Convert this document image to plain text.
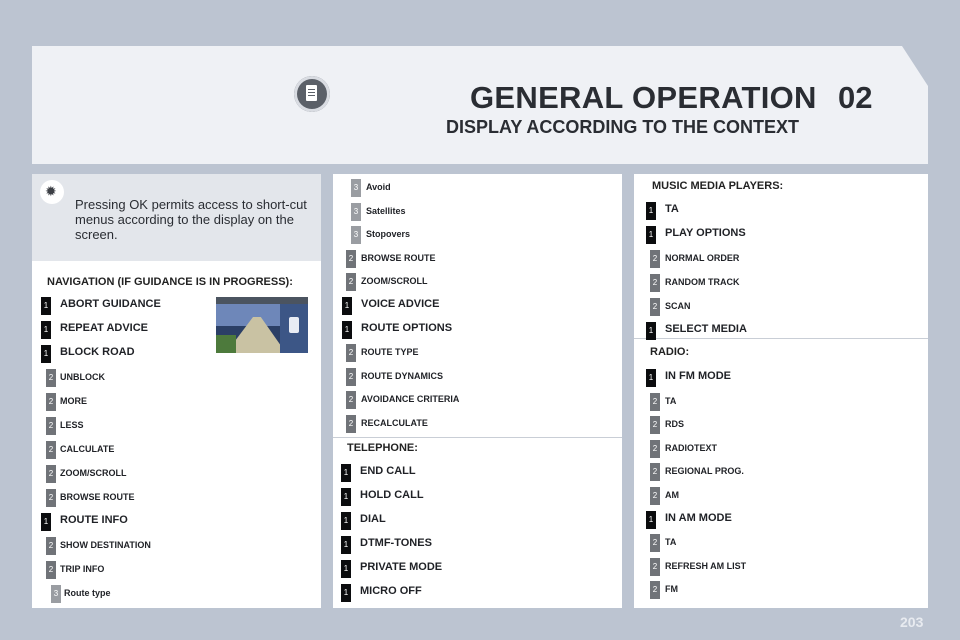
GENERAL OPERATION 02
DISPLAY ACCORDING TO THE CONTEXT
✹
Pressing OK permits access to short-cut menus according to the display on the screen.
NAVIGATION (IF GUIDANCE IS IN PROGRESS):
TELEPHONE:
MUSIC MEDIA PLAYERS:
RADIO:
1 ABORT GUIDANCE
1 REPEAT ADVICE
1 BLOCK ROAD
2 UNBLOCK
2 MORE
2 LESS
2 CALCULATE
2 ZOOM/SCROLL
2 BROWSE ROUTE
1 ROUTE INFO
2 SHOW DESTINATION
2 TRIP INFO
3 Route type
3 Avoid
3 Satellites
3 Stopovers
2 BROWSE ROUTE
2 ZOOM/SCROLL
1 VOICE ADVICE
1 ROUTE OPTIONS
2 ROUTE TYPE
2 ROUTE DYNAMICS
2 AVOIDANCE CRITERIA
2 RECALCULATE
1 END CALL
1 HOLD CALL
1 DIAL
1 DTMF-TONES
1 PRIVATE MODE
1 MICRO OFF
1 TA
1 PLAY OPTIONS
2 NORMAL ORDER
2 RANDOM TRACK
2 SCAN
1 SELECT MEDIA
1 IN FM MODE
2 TA
2 RDS
2 RADIOTEXT
2 REGIONAL PROG.
2 AM
1 IN AM MODE
2 TA
2 REFRESH AM LIST
2 FM
203
